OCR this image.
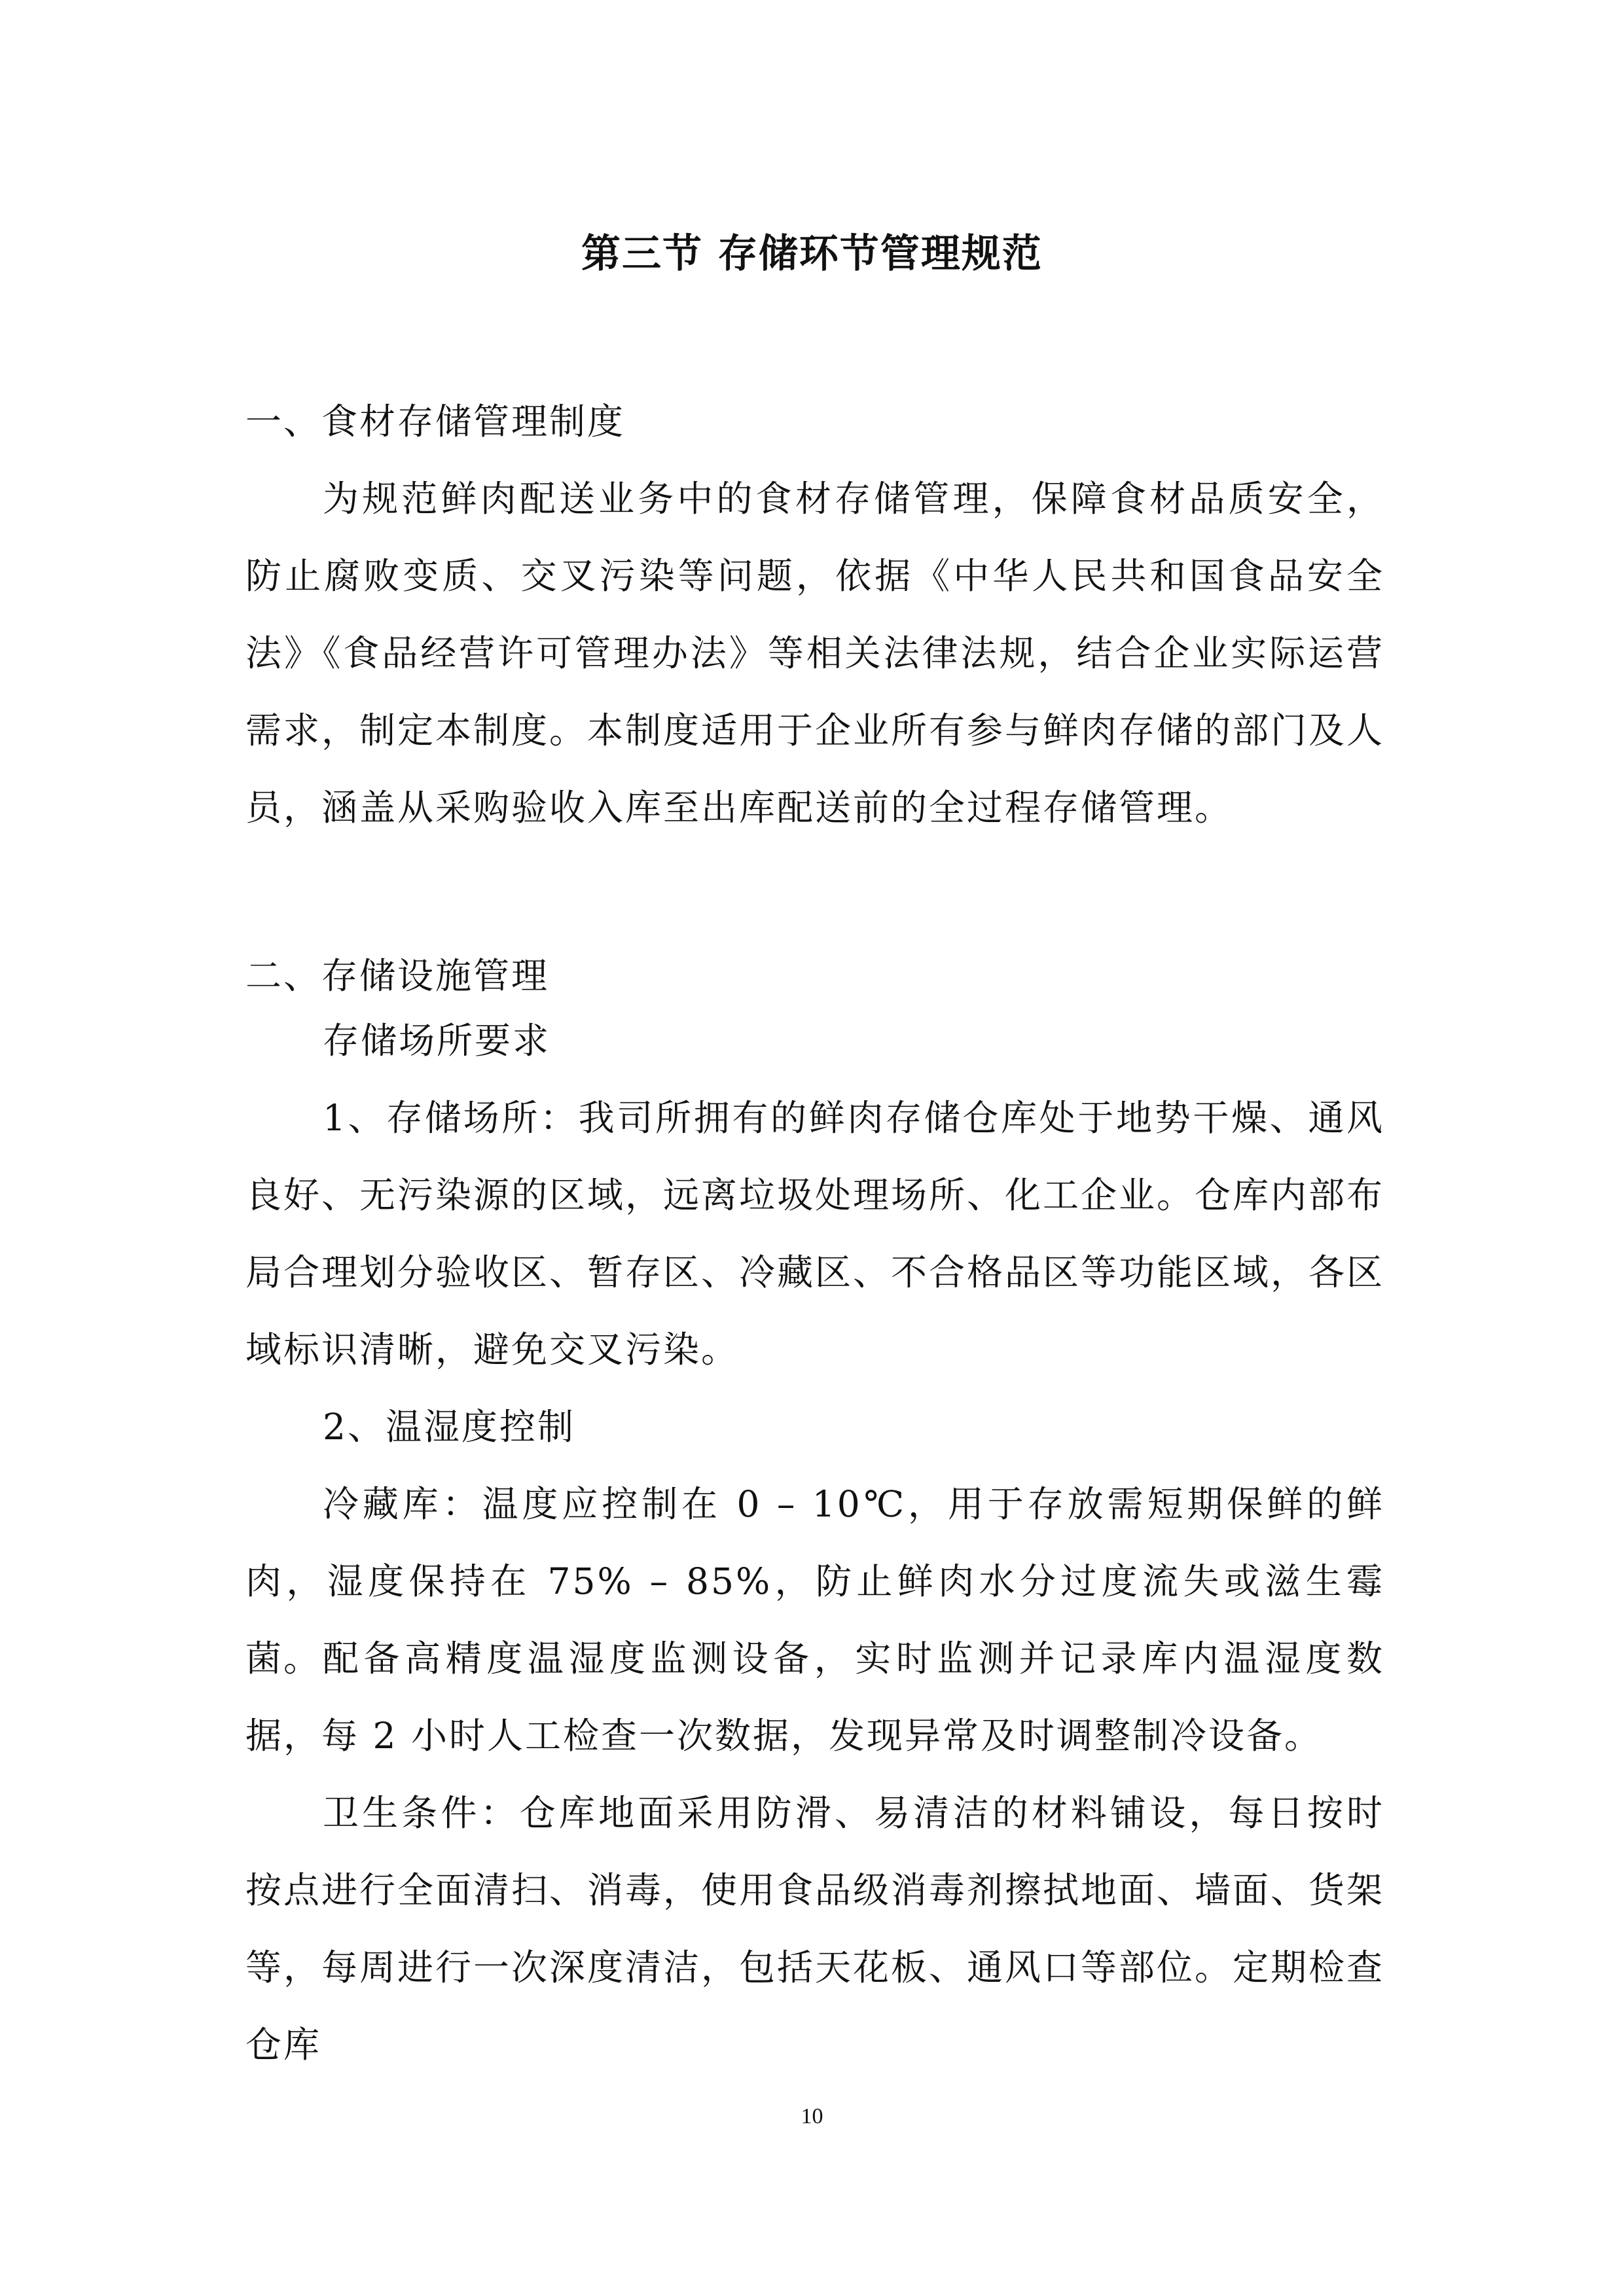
第三节 存储环节管理规范
一、食材存储管理制度
为规范鲜肉配送业务中的食材存储管理，保障食材品质安全，防止腐败变质、交叉污染等问题，依据《中华人民共和国食品安全法》《食品经营许可管理办法》等相关法律法规，结合企业实际运营需求，制定本制度。本制度适用于企业所有参与鲜肉存储的部门及人员，涵盖从采购验收入库至出库配送前的全过程存储管理。
二、存储设施管理
存储场所要求
1、存储场所：我司所拥有的鲜肉存储仓库处于地势干燥、通风良好、无污染源的区域，远离垃圾处理场所、化工企业。仓库内部布局合理划分验收区、暂存区、冷藏区、不合格品区等功能区域，各区域标识清晰，避免交叉污染。
2、温湿度控制
冷藏库：温度应控制在 0 – 10℃，用于存放需短期保鲜的鲜肉，湿度保持在 75% – 85%，防止鲜肉水分过度流失或滋生霉菌。 配备高精度温湿度监测设备，实时监测并记录库内温湿度数据，每 2 小时人工检查一次数据，发现异常及时调整制冷设备。
卫生条件：仓库地面采用防滑、易清洁的材料铺设，每日按时按点进行全面清扫、消毒，使用食品级消毒剂擦拭地面、墙面、货架等，每周进行一次深度清洁，包括天花板、通风口等部位。定期检查仓库
10
